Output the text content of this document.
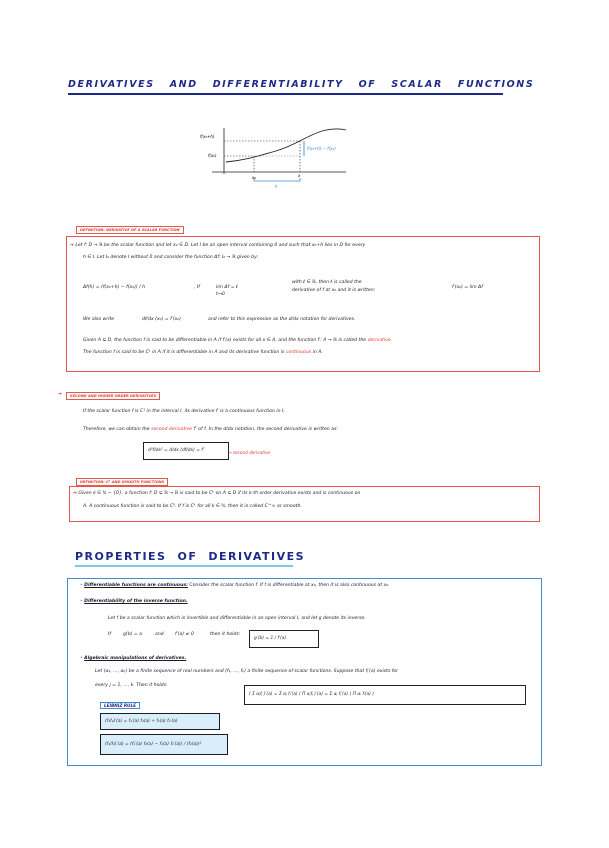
DERIVATIVES AND DIFFERENTIABILITY OF SCALAR FUNCTIONS
f(x₀+h)
f(x₀)
x₀	x
h
f(x₀+h) − f(x₀)
DEFINITION: DERIVATIVE OF A SCALAR FUNCTION
➔ Let f: D → ℝ be the scalar function and let x₀ ∈ D. Let I be an open interval containing 0 and such that x₀+h lies in D for every
h ∈ I. Let I₀ denote I without 0 and consider the function Δf: I₀ → ℝ given by:
Δf(h) = (f(x₀+h) − f(x₀)) / h	, If	lim Δf = ℓ
h→0
with ℓ ∈ ℝ, then ℓ is called the
derivative of f at x₀ and it is written:
f′(x₀) = lim Δf
We also write	df/dx (x₀) = f′(x₀)	and refer to this expression as the d/dx notation for derivatives.
Given A ⊆ D, the function f is said to be differentiable in A if f′(x) exists for all x ∈ A, and the function f′: A → ℝ is called the derivative.
The function f is said to be C¹ in A if it is differentiable in A and its derivative function is continuous in A.
➔	SECOND AND HIGHER ORDER DERIVATIVES
If the scalar function f is C¹ in the interval I, its derivative f′ is a continuous function in I.
Therefore, we can obtain the second derivative f″ of f. In the d/dx notation, the second derivative is written as:
d²f/dx² = d/dx (df/dx) = f″	→ second derivative
DEFINITION: Cᵏ AND SMOOTH FUNCTIONS
➔ Given k ∈ ℕ − {0}, a function f: D ⊆ ℝ → ℝ is said to be Cᵏ on A ⊆ D if its k-th order derivative exists and is continuous on
A. A continuous function is said to be C⁰. If f is Cᵏ for all k ∈ ℕ, then it is called C^∞ or smooth.
PROPERTIES OF DERIVATIVES
• Differentiable functions are continuous: Consider the scalar function f. If f is differentiable at x₀, then it is also continuous at x₀.
• Differentiability of the inverse function.
Let f be a scalar function which is invertible and differentiable in an open interval I, and let g denote its inverse.
If	g(b) = a	and f′(a) ≠ 0	then it holds:
g′(b) = 1 / f′(a)
• Algebraic manipulations of derivatives.
Let (α₁, ..., αₖ) be a finite sequence of real numbers and (f₁, ..., fₖ) a finite sequence of scalar functions. Suppose that fⱼ′(a) exists for
every j = 1, ..., k. Then it holds:
( Σ αⱼfⱼ )′(a) = Σ αⱼ fⱼ′(a) ( Π αⱼfⱼ )′(a) = Σ αⱼ fⱼ′(a) ( Π αᵢ fᵢ(a) )
LEIBNIZ RULE
(f₁f₂)′(a) = f₁′(a) f₂(a) + f₁(a) f₂′(a)
(f₁/f₂)′(a) = (f₁′(a) f₂(a) − f₁(a) f₂′(a)) / (f₂(a))²
